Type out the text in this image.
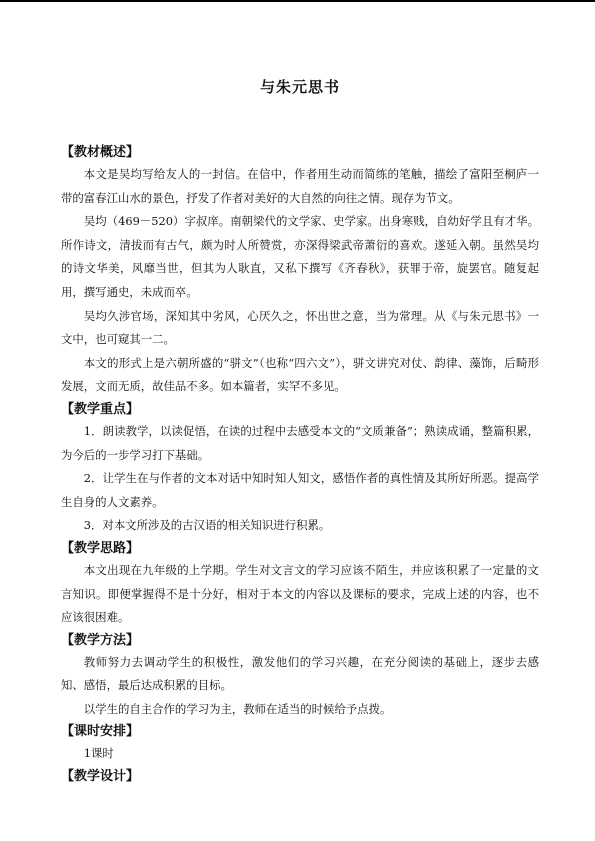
与朱元思书

【教材概述】

本文是吴均写给友人的一封信。在信中，作者用生动而简练的笔触，描绘了富阳至桐庐一带的富春江山水的景色，抒发了作者对美好的大自然的向往之情。现存为节文。

吴均（469－520）字叔庠。南朝梁代的文学家、史学家。出身寒贱，自幼好学且有才华。所作诗文，清拔而有古气，颇为时人所赞赏，亦深得梁武帝萧衍的喜欢。遂延入朝。虽然吴均的诗文华美，风靡当世，但其为人耿直，又私下撰写《齐春秋》，获罪于帝，旋罢官。随复起用，撰写通史，未成而卒。

吴均久涉官场，深知其中劣风，心厌久之，怀出世之意，当为常理。从《与朱元思书》一文中，也可窥其一二。

本文的形式上是六朝所盛的“骈文”（也称“四六文”），骈文讲究对仗、韵律、藻饰，后畸形发展，文而无质，故佳品不多。如本篇者，实罕不多见。

【教学重点】

1．朗读教学，以读促悟，在读的过程中去感受本文的“文质兼备”；熟读成诵，整篇积累，为今后的一步学习打下基础。

2．让学生在与作者的文本对话中知时知人知文，感悟作者的真性情及其所好所恶。提高学生自身的人文素养。

3．对本文所涉及的古汉语的相关知识进行积累。

【教学思路】

本文出现在九年级的上学期。学生对文言文的学习应该不陌生，并应该积累了一定量的文言知识。即便掌握得不是十分好，相对于本文的内容以及课标的要求，完成上述的内容，也不应该很困难。

【教学方法】

教师努力去调动学生的积极性，激发他们的学习兴趣，在充分阅读的基础上，逐步去感知、感悟，最后达成积累的目标。

以学生的自主合作的学习为主，教师在适当的时候给予点拨。

【课时安排】

1课时

【教学设计】
